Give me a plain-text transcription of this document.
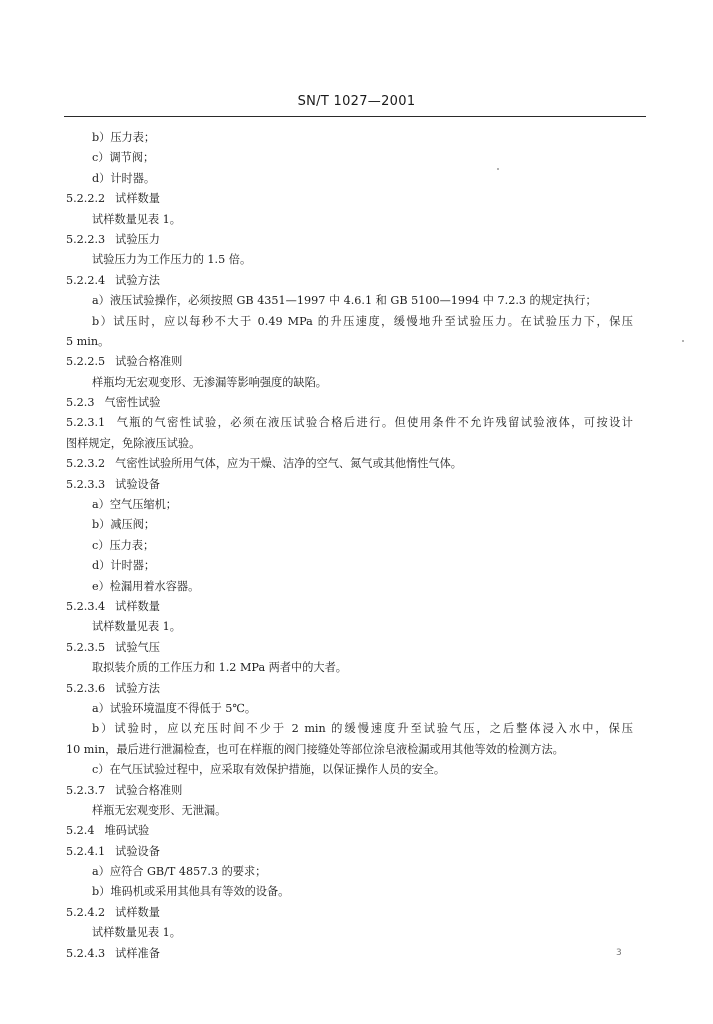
SN/T 1027—2001
b）压力表；
c）调节阀；
d）计时器。
5.2.2.2 试样数量
试样数量见表 1。
5.2.2.3 试验压力
试验压力为工作压力的 1.5 倍。
5.2.2.4 试验方法
a）液压试验操作，必须按照 GB 4351—1997 中 4.6.1 和 GB 5100—1994 中 7.2.3 的规定执行；
b）试压时，应以每秒不大于 0.49 MPa 的升压速度，缓慢地升至试验压力。在试验压力下，保压
5 min。
5.2.2.5 试验合格准则
样瓶均无宏观变形、无渗漏等影响强度的缺陷。
5.2.3 气密性试验
5.2.3.1 气瓶的气密性试验，必须在液压试验合格后进行。但使用条件不允许残留试验液体，可按设计
图样规定，免除液压试验。
5.2.3.2 气密性试验所用气体，应为干燥、洁净的空气、氮气或其他惰性气体。
5.2.3.3 试验设备
a）空气压缩机；
b）减压阀；
c）压力表；
d）计时器；
e）检漏用着水容器。
5.2.3.4 试样数量
试样数量见表 1。
5.2.3.5 试验气压
取拟装介质的工作压力和 1.2 MPa 两者中的大者。
5.2.3.6 试验方法
a）试验环境温度不得低于 5℃。
b）试验时，应以充压时间不少于 2 min 的缓慢速度升至试验气压，之后整体浸入水中，保压
10 min，最后进行泄漏检查，也可在样瓶的阀门接缝处等部位涂皂液检漏或用其他等效的检测方法。
c）在气压试验过程中，应采取有效保护措施，以保证操作人员的安全。
5.2.3.7 试验合格准则
样瓶无宏观变形、无泄漏。
5.2.4 堆码试验
5.2.4.1 试验设备
a）应符合 GB/T 4857.3 的要求；
b）堆码机或采用其他具有等效的设备。
5.2.4.2 试样数量
试样数量见表 1。
5.2.4.3 试样准备	3
